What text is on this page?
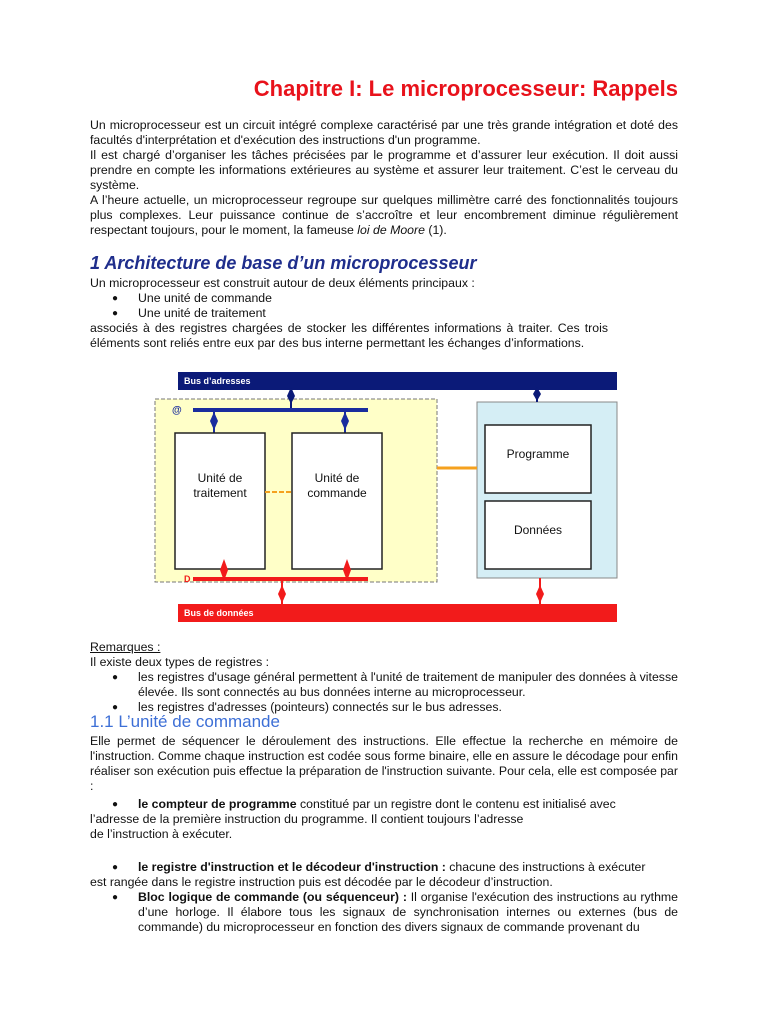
Chapitre I: Le microprocesseur: Rappels

Un microprocesseur est un circuit intégré complexe caractérisé par une très grande intégration et doté des facultés d'interprétation et d'exécution des instructions d'un programme.

Il est chargé d’organiser les tâches précisées par le programme et d’assurer leur exécution. Il doit aussi prendre en compte les informations extérieures au système et assurer leur traitement. C’est le cerveau du système.

A l’heure actuelle, un microprocesseur regroupe sur quelques millimètre carré des fonctionnalités toujours plus complexes. Leur puissance continue de s’accroître et leur encombrement diminue régulièrement respectant toujours, pour le moment, la fameuse loi de Moore (1).

1 Architecture de base d’un microprocesseur

Un microprocesseur est construit autour de deux éléments principaux :

● Une unité de commande
● Une unité de traitement

associés à des registres chargées de stocker les différentes informations à traiter. Ces trois éléments sont reliés entre eux par des bus interne permettant les échanges d’informations.

Bus d’adresses
Bus de données
@
D
Unité de
traitement
Unité de
commande
Programme
Données

Remarques :

Il existe deux types de registres :

● les registres d'usage général permettent à l'unité de traitement de manipuler des données à vitesse élevée. Ils sont connectés au bus données interne au microprocesseur.
● les registres d'adresses (pointeurs) connectés sur le bus adresses.
1.1 L’unité de commande

Elle permet de séquencer le déroulement des instructions. Elle effectue la recherche en mémoire de l'instruction. Comme chaque instruction est codée sous forme binaire, elle en assure le décodage pour enfin réaliser son exécution puis effectue la préparation de l'instruction suivante. Pour cela, elle est composée par :

● le compteur de programme constitué par un registre dont le contenu est initialisé avec

l’adresse de la première instruction du programme. Il contient toujours l’adresse de l’instruction à exécuter.

● le registre d'instruction et le décodeur d'instruction : chacune des instructions à exécuter

est rangée dans le registre instruction puis est décodée par le décodeur d’instruction.

● Bloc logique de commande (ou séquenceur) : Il organise l'exécution des instructions au rythme d’une horloge. Il élabore tous les signaux de synchronisation internes ou externes (bus de commande) du microprocesseur en fonction des divers signaux de commande provenant du
